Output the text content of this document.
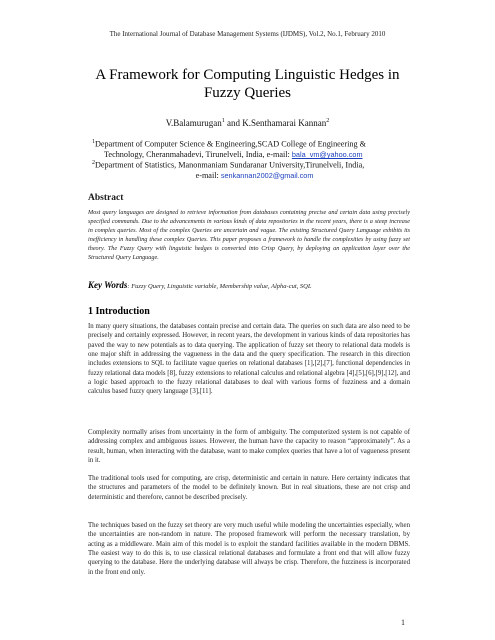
The International Journal of Database Management Systems (IJDMS), Vol.2, No.1, February 2010
A Framework for Computing Linguistic Hedges in
Fuzzy Queries
V.Balamurugan$^1$ and K.Senthamarai Kannan$^2$
$^1$Department of Computer Science & Engineering,SCAD College of Engineering &
Technology, Cheranmahadevi, Tirunelveli, India, e-mail: bala_vm@yahoo.com
$^2$Department of Statistics, Manonmaniam Sundaranar University,Tirunelveli, India,
e-mail: senkannan2002@gmail.com
Abstract
Most query languages are designed to retrieve information from databases containing precise and certain data using precisely specified commands. Due to the advancements in various kinds of data repositories in the recent years, there is a steep increase in complex queries. Most of the complex Queries are uncertain and vague. The existing Structured Query Language exhibits its inefficiency in handling these complex Queries. This paper proposes a framework to handle the complexities by using fuzzy set theory. The Fuzzy Query with linguistic hedges is converted into Crisp Query, by deploying an application layer over the Structured Query Language.
Key Words: Fuzzy Query, Linguistic variable, Membership value, Alpha-cut, SQL
1 Introduction
In many query situations, the databases contain precise and certain data. The queries on such data are also need to be precisely and certainly expressed. However, in recent years, the development in various kinds of data repositories has paved the way to new potentials as to data querying. The application of fuzzy set theory to relational data models is one major shift in addressing the vagueness in the data and the query specification. The research in this direction includes extensions to SQL to facilitate vague queries on relational databases [1],[2],[7], functional dependencies in fuzzy relational data models [8], fuzzy extensions to relational calculus and relational algebra [4],[5],[6],[9],[12], and a logic based approach to the fuzzy relational databases to deal with various forms of fuzziness and a domain calculus based fuzzy query language [3],[11].
Complexity normally arises from uncertainty in the form of ambiguity. The computerized system is not capable of addressing complex and ambiguous issues. However, the human have the capacity to reason “approximately”. As a result, human, when interacting with the database, want to make complex queries that have a lot of vagueness present in it.
The traditional tools used for computing, are crisp, deterministic and certain in nature. Here certainty indicates that the structures and parameters of the model to be definitely known. But in real situations, these are not crisp and deterministic and therefore, cannot be described precisely.
The techniques based on the fuzzy set theory are very much useful while modeling the uncertainties especially, when the uncertainties are non-random in nature. The proposed framework will perform the necessary translation, by acting as a middleware. Main aim of this model is to exploit the standard facilities available in the modern DBMS. The easiest way to do this is, to use classical relational databases and formulate a front end that will allow fuzzy querying to the database. Here the underlying database will always be crisp. Therefore, the fuzziness is incorporated in the front end only.
1
